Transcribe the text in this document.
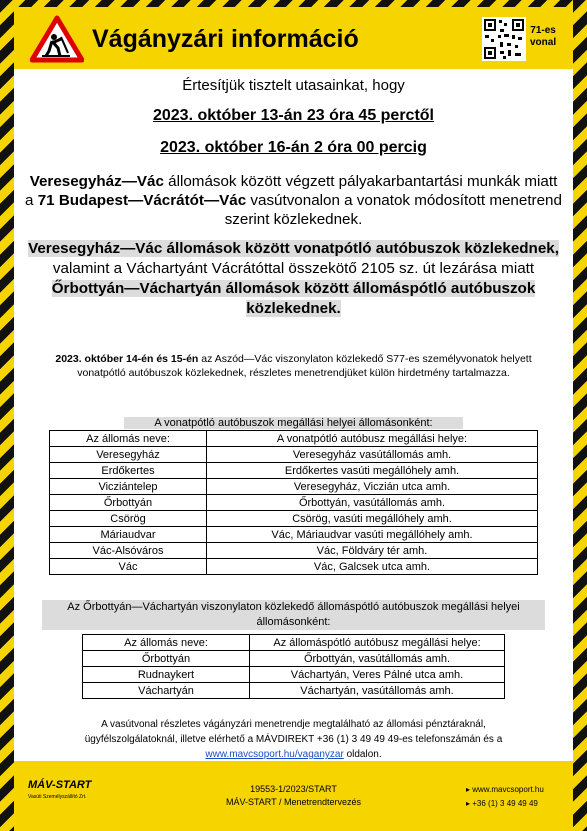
Vágányzári információ	71-es
vonal
Értesítjük tisztelt utasainkat, hogy
2023. október 13-án 23 óra 45 perctől
2023. október 16-án 2 óra 00 percig
Veresegyház—Vác állomások között végzett pályakarbantartási munkák miatt a 71 Budapest—Vácrátót—Vác vasútvonalon a vonatok módosított menetrend szerint közlekednek.
Veresegyház—Vác állomások között vonatpótló autóbuszok közlekednek, valamint a Váchartyánt Vácrátóttal összekötő 2105 sz. út lezárása miatt Őrbottyán—Váchartyán állomások között állomáspótló autóbuszok közlekednek.
2023. október 14-én és 15-én az Aszód—Vác viszonylaton közlekedő S77-es személyvonatok helyett vonatpótló autóbuszok közlekednek, részletes menetrendjüket külön hirdetmény tartalmazza.
A vonatpótló autóbuszok megállási helyei állomásonként:
Az állomás neve:	A vonatpótló autóbusz megállási helye:
Veresegyház	Veresegyház vasútállomás amh.
Erdőkertes	Erdőkertes vasúti megállóhely amh.
Vicziántelep	Veresegyház, Viczián utca amh.
Őrbottyán	Őrbottyán, vasútállomás amh.
Csörög	Csörög, vasúti megállóhely amh.
Máriaudvar	Vác, Máriaudvar vasúti megállóhely amh.
Vác-Alsóváros	Vác, Földváry tér amh.
Vác	Vác, Galcsek utca amh.
Az Őrbottyán—Váchartyán viszonylaton közlekedő állomáspótló autóbuszok megállási helyei állomásonként:
Az állomás neve:	Az állomáspótló autóbusz megállási helye:
Őrbottyán	Őrbottyán, vasútállomás amh.
Rudnaykert	Váchartyán, Veres Pálné utca amh.
Váchartyán	Váchartyán, vasútállomás amh.
A vasútvonal részletes vágányzári menetrendje megtalálható az állomási pénztáraknál,
ügyfélszolgálatoknál, illetve elérhető a MÁVDIREKT +36 (1) 3 49 49 49-es telefonszámán és a
www.mavcsoport.hu/vaganyzar oldalon.
MÁV-START
Vasúti Személyszállító Zrt.
19553-1/2023/START
MÁV-START / Menetrendtervezés
▸ www.mavcsoport.hu
▸ +36 (1) 3 49 49 49
